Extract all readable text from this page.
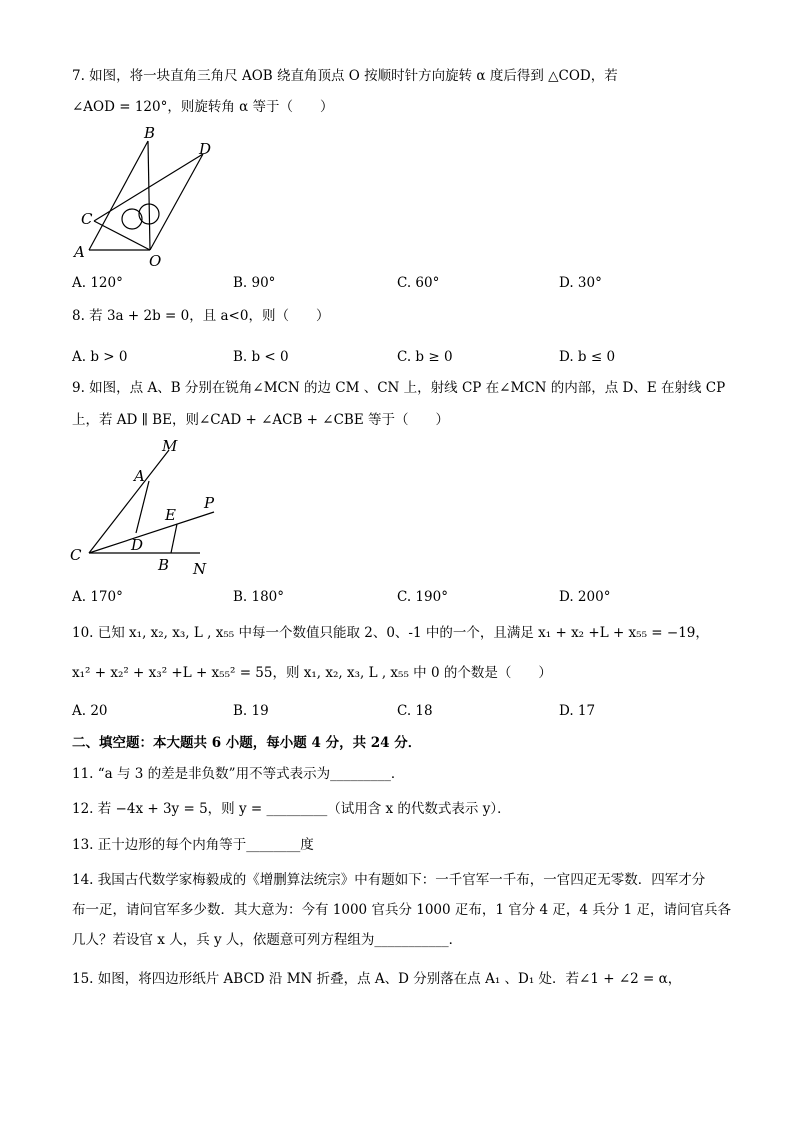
7. 如图，将一块直角三角尺 AOB 绕直角顶点 O 按顺时针方向旋转 α 度后得到 △COD，若
∠AOD = 120°，则旋转角 α 等于（　　）
B
D
C
A	O
A. 120°	B. 90°	C. 60°	D. 30°
8. 若 3a + 2b = 0，且 a<0，则（　　）
A. b > 0	B. b < 0	C. b ≥ 0	D. b ≤ 0
9. 如图，点 A、B 分别在锐角∠MCN 的边 CM 、CN 上，射线 CP 在∠MCN 的内部，点 D、E 在射线 CP
上，若 AD ∥ BE，则∠CAD + ∠ACB + ∠CBE 等于（　　）
M
A
E
P
C
D
B N
A. 170°	B. 180°	C. 190°	D. 200°
10. 已知 x₁, x₂, x₃, L , x₅₅ 中每一个数值只能取 2、0、-1 中的一个，且满足 x₁ + x₂ +L + x₅₅ = −19，
x₁² + x₂² + x₃² +L + x₅₅² = 55，则 x₁, x₂, x₃, L , x₅₅ 中 0 的个数是（　　）
A. 20	B. 19	C. 18	D. 17
二、填空题：本大题共 6 小题，每小题 4 分，共 24 分．
11. “a 与 3 的差是非负数”用不等式表示为_________．
12. 若 −4x + 3y = 5，则 y = _________（试用含 x 的代数式表示 y）．
13. 正十边形的每个内角等于________度
14. 我国古代数学家梅毅成的《增删算法统宗》中有题如下：一千官军一千布，一官四疋无零数．四军才分
布一疋，请问官军多少数．其大意为：今有 1000 官兵分 1000 疋布，1 官分 4 疋，4 兵分 1 疋，请问官兵各
几人？若设官 x 人，兵 y 人，依题意可列方程组为___________．
15. 如图，将四边形纸片 ABCD 沿 MN 折叠，点 A、D 分别落在点 A₁ 、D₁ 处．若∠1 + ∠2 = α，
